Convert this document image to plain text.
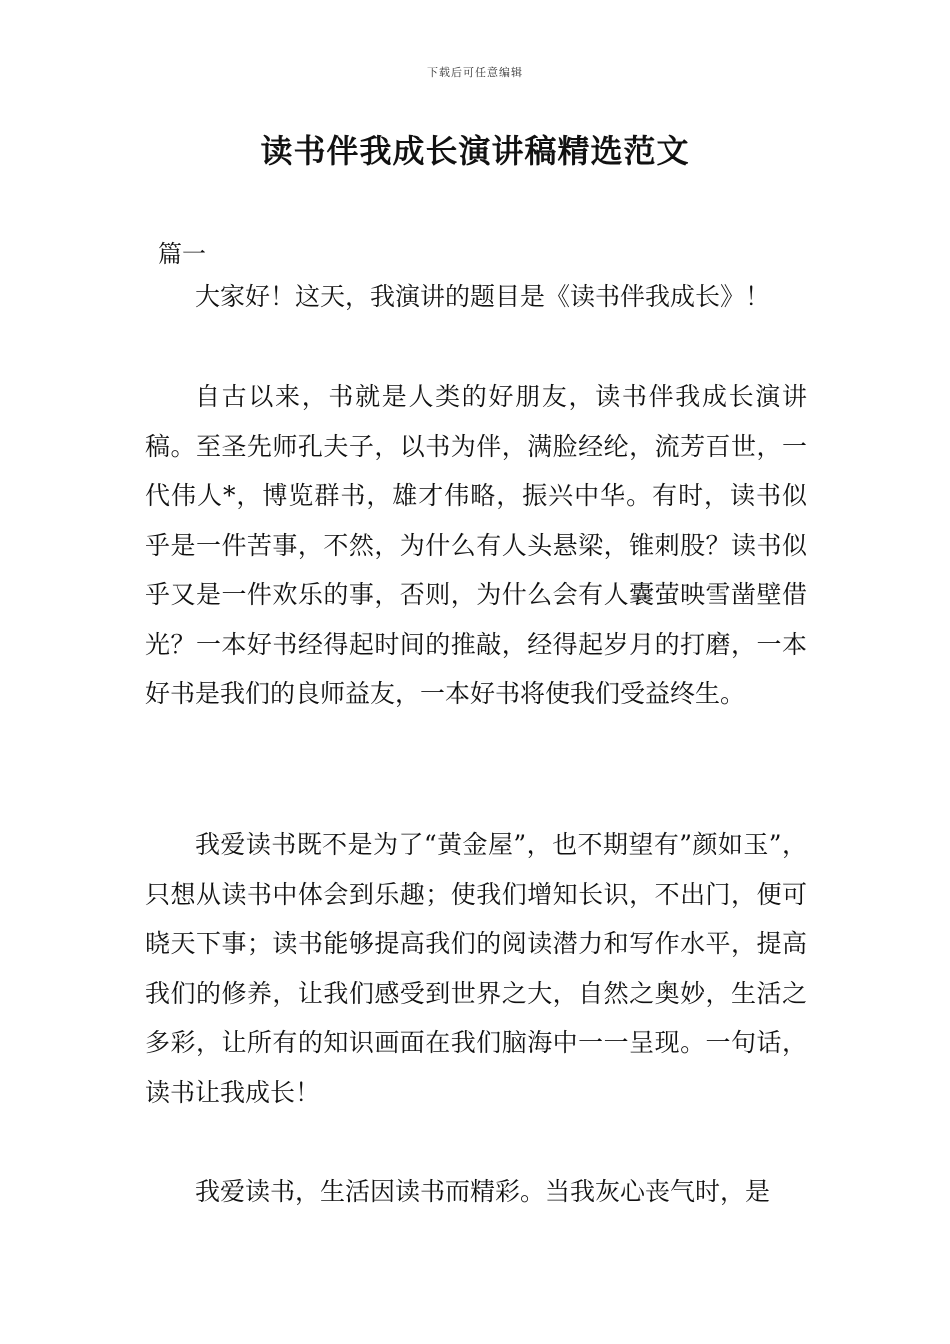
下载后可任意编辑
读书伴我成长演讲稿精选范文
篇一

大家好！这天，我演讲的题目是《读书伴我成长》！

自古以来，书就是人类的好朋友，读书伴我成长演讲稿。至圣先师孔夫子，以书为伴，满脸经纶，流芳百世，一代伟人*，博览群书，雄才伟略，振兴中华。有时，读书似乎是一件苦事，不然，为什么有人头悬梁，锥刺股？读书似乎又是一件欢乐的事，否则，为什么会有人囊萤映雪凿壁借光？一本好书经得起时间的推敲，经得起岁月的打磨，一本好书是我们的良师益友，一本好书将使我们受益终生。

我爱读书既不是为了“黄金屋”，也不期望有”颜如玉”，只想从读书中体会到乐趣；使我们增知长识，不出门，便可晓天下事；读书能够提高我们的阅读潜力和写作水平，提高我们的修养，让我们感受到世界之大，自然之奥妙，生活之多彩，让所有的知识画面在我们脑海中一一呈现。一句话，读书让我成长！

我爱读书，生活因读书而精彩。当我灰心丧气时，是
